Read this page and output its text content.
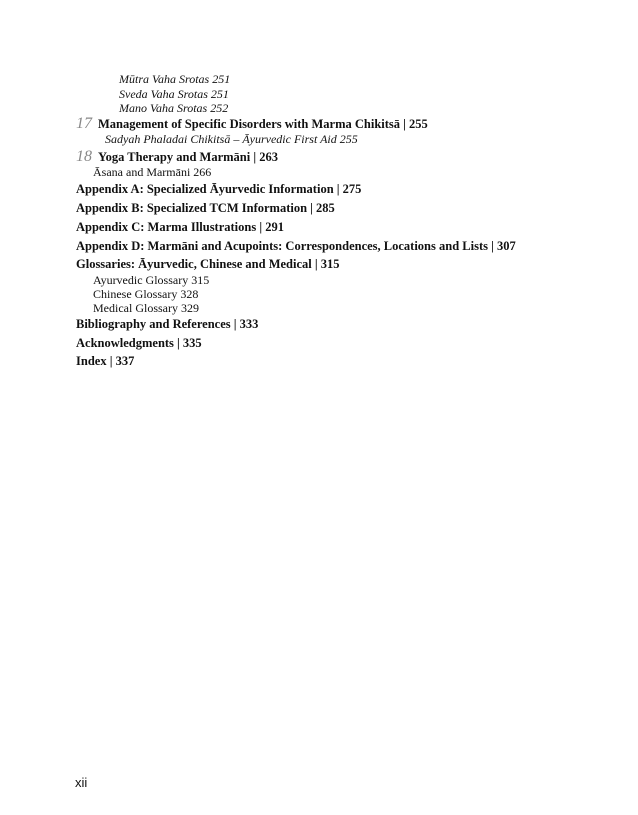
Mūtra Vaha Srotas 251
Sveda Vaha Srotas 251
Mano Vaha Srotas 252
17 Management of Specific Disorders with Marma Chikitsā | 255
Sadyah Phaladai Chikitsā – Āyurvedic First Aid 255
18 Yoga Therapy and Marmāni | 263
Āsana and Marmāni 266
Appendix A: Specialized Āyurvedic Information | 275
Appendix B: Specialized TCM Information | 285
Appendix C: Marma Illustrations | 291
Appendix D: Marmāni and Acupoints: Correspondences, Locations and Lists | 307
Glossaries: Āyurvedic, Chinese and Medical | 315
Ayurvedic Glossary 315
Chinese Glossary 328
Medical Glossary 329
Bibliography and References | 333
Acknowledgments | 335
Index | 337
xii
